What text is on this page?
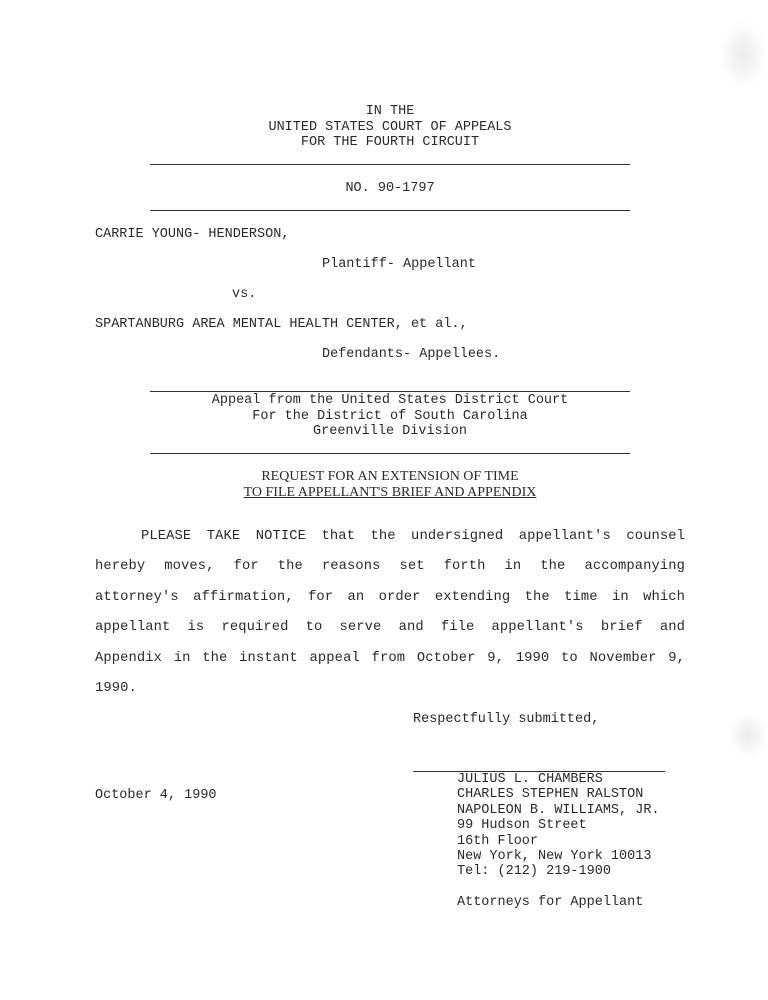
IN THE
UNITED STATES COURT OF APPEALS
FOR THE FOURTH CIRCUIT
NO. 90-1797
CARRIE YOUNG- HENDERSON,
Plantiff- Appellant
vs.
SPARTANBURG AREA MENTAL HEALTH CENTER, et al.,
Defendants- Appellees.
Appeal from the United States District Court
For the District of South Carolina
Greenville Division
REQUEST FOR AN EXTENSION OF TIME
TO FILE APPELLANT'S BRIEF AND APPENDIX
PLEASE TAKE NOTICE that the undersigned appellant's counsel
hereby moves, for the reasons set forth in the accompanying
attorney's affirmation, for an order extending the time in which
appellant is required to serve and file appellant's brief and
Appendix in the instant appeal from October 9, 1990 to November 9,
1990.
Respectfully submitted,
October 4, 1990
JULIUS L. CHAMBERS
CHARLES STEPHEN RALSTON
NAPOLEON B. WILLIAMS, JR.
99 Hudson Street
16th Floor
New York, New York 10013
Tel: (212) 219-1900
Attorneys for Appellant
